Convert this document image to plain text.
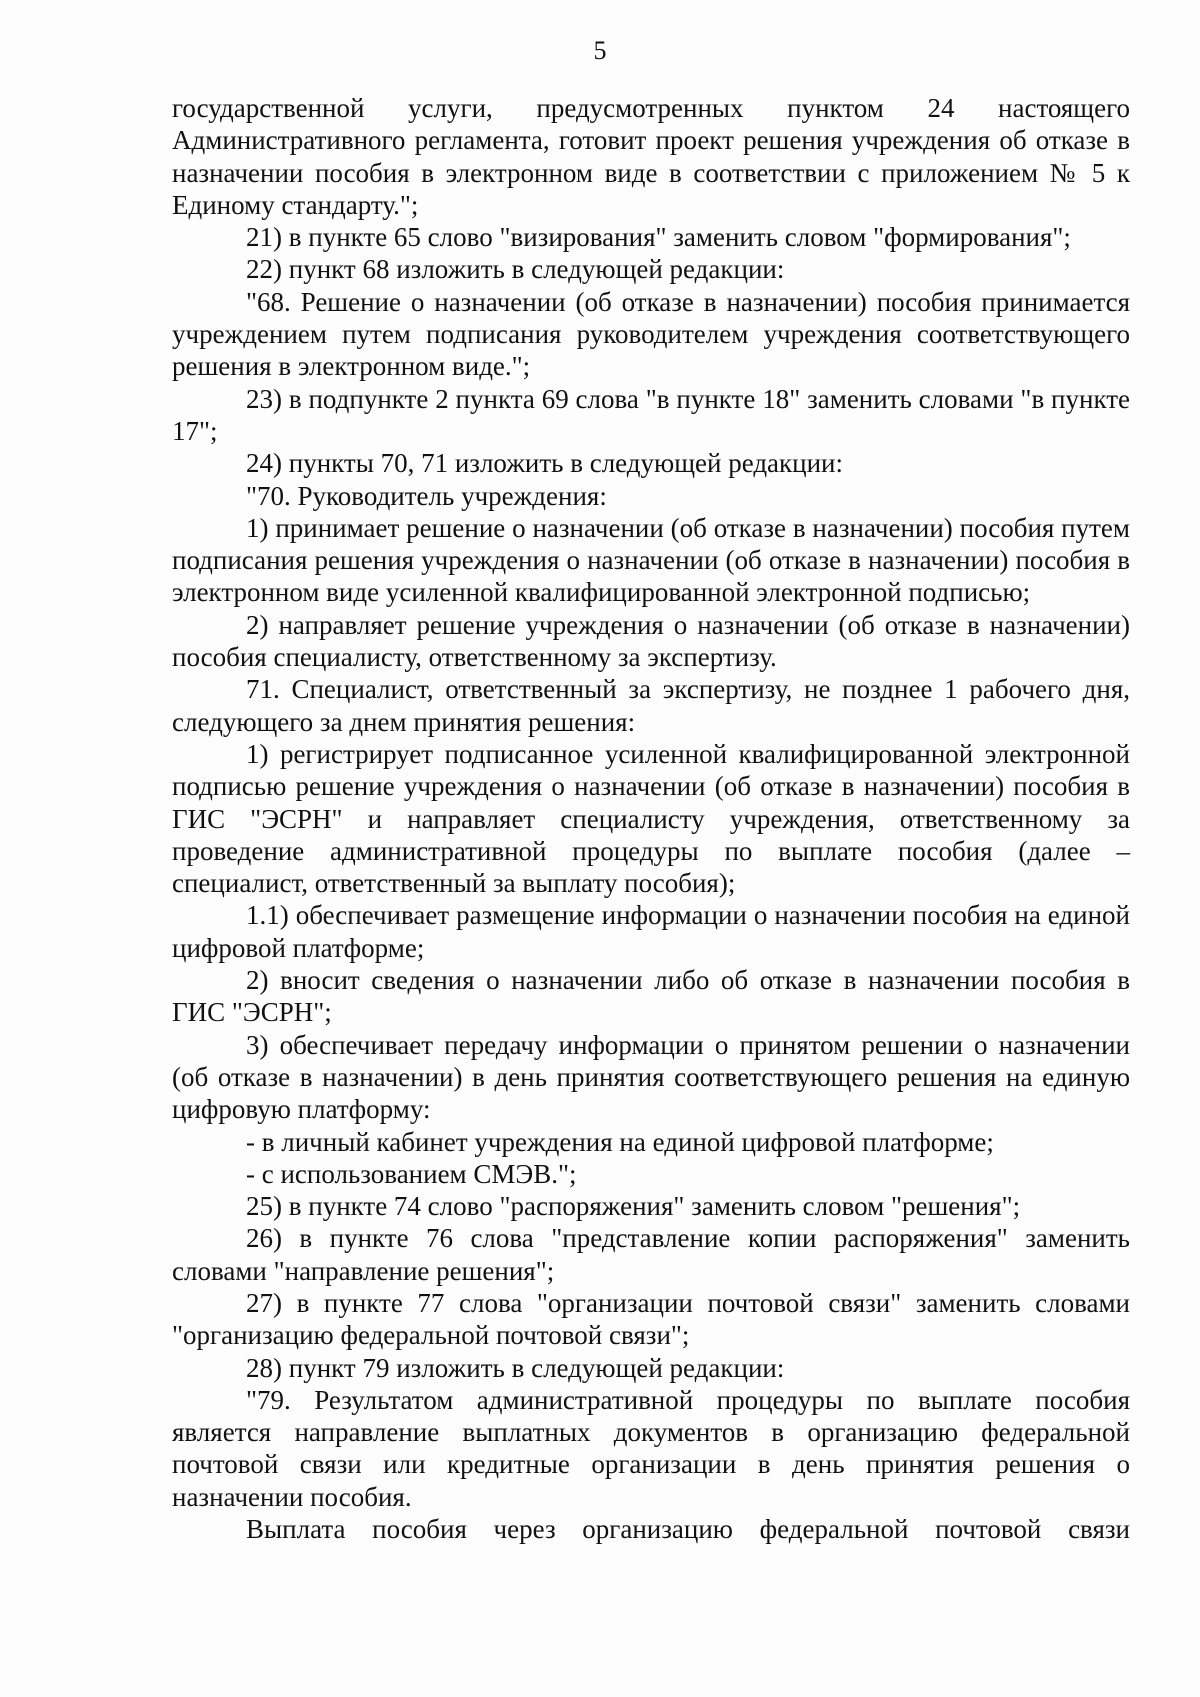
5

государственной услуги, предусмотренных пунктом 24 настоящего Административного регламента, готовит проект решения учреждения об отказе в назначении пособия в электронном виде в соответствии с приложением № 5 к Единому стандарту.";

21) в пункте 65 слово "визирования" заменить словом "формирования";

22) пункт 68 изложить в следующей редакции:

"68. Решение о назначении (об отказе в назначении) пособия принимается учреждением путем подписания руководителем учреждения соответствующего решения в электронном виде.";

23) в подпункте 2 пункта 69 слова "в пункте 18" заменить словами "в пункте 17";

24) пункты 70, 71 изложить в следующей редакции:

"70. Руководитель учреждения:

1) принимает решение о назначении (об отказе в назначении) пособия путем подписания решения учреждения о назначении (об отказе в назначении) пособия в электронном виде усиленной квалифицированной электронной подписью;

2) направляет решение учреждения о назначении (об отказе в назначении) пособия специалисту, ответственному за экспертизу.

71. Специалист, ответственный за экспертизу, не позднее 1 рабочего дня, следующего за днем принятия решения:

1) регистрирует подписанное усиленной квалифицированной электронной подписью решение учреждения о назначении (об отказе в назначении) пособия в ГИС "ЭСРН" и направляет специалисту учреждения, ответственному за проведение административной процедуры по выплате пособия (далее – специалист, ответственный за выплату пособия);

1.1) обеспечивает размещение информации о назначении пособия на единой цифровой платформе;

2) вносит сведения о назначении либо об отказе в назначении пособия в ГИС "ЭСРН";

3) обеспечивает передачу информации о принятом решении о назначении (об отказе в назначении) в день принятия соответствующего решения на единую цифровую платформу:

- в личный кабинет учреждения на единой цифровой платформе;

- с использованием СМЭВ.";

25) в пункте 74 слово "распоряжения" заменить словом "решения";

26) в пункте 76 слова "представление копии распоряжения" заменить словами "направление решения";

27) в пункте 77 слова "организации почтовой связи" заменить словами "организацию федеральной почтовой связи";

28) пункт 79 изложить в следующей редакции:

"79. Результатом административной процедуры по выплате пособия является направление выплатных документов в организацию федеральной почтовой связи или кредитные организации в день принятия решения о назначении пособия.

Выплата пособия через организацию федеральной почтовой связи
